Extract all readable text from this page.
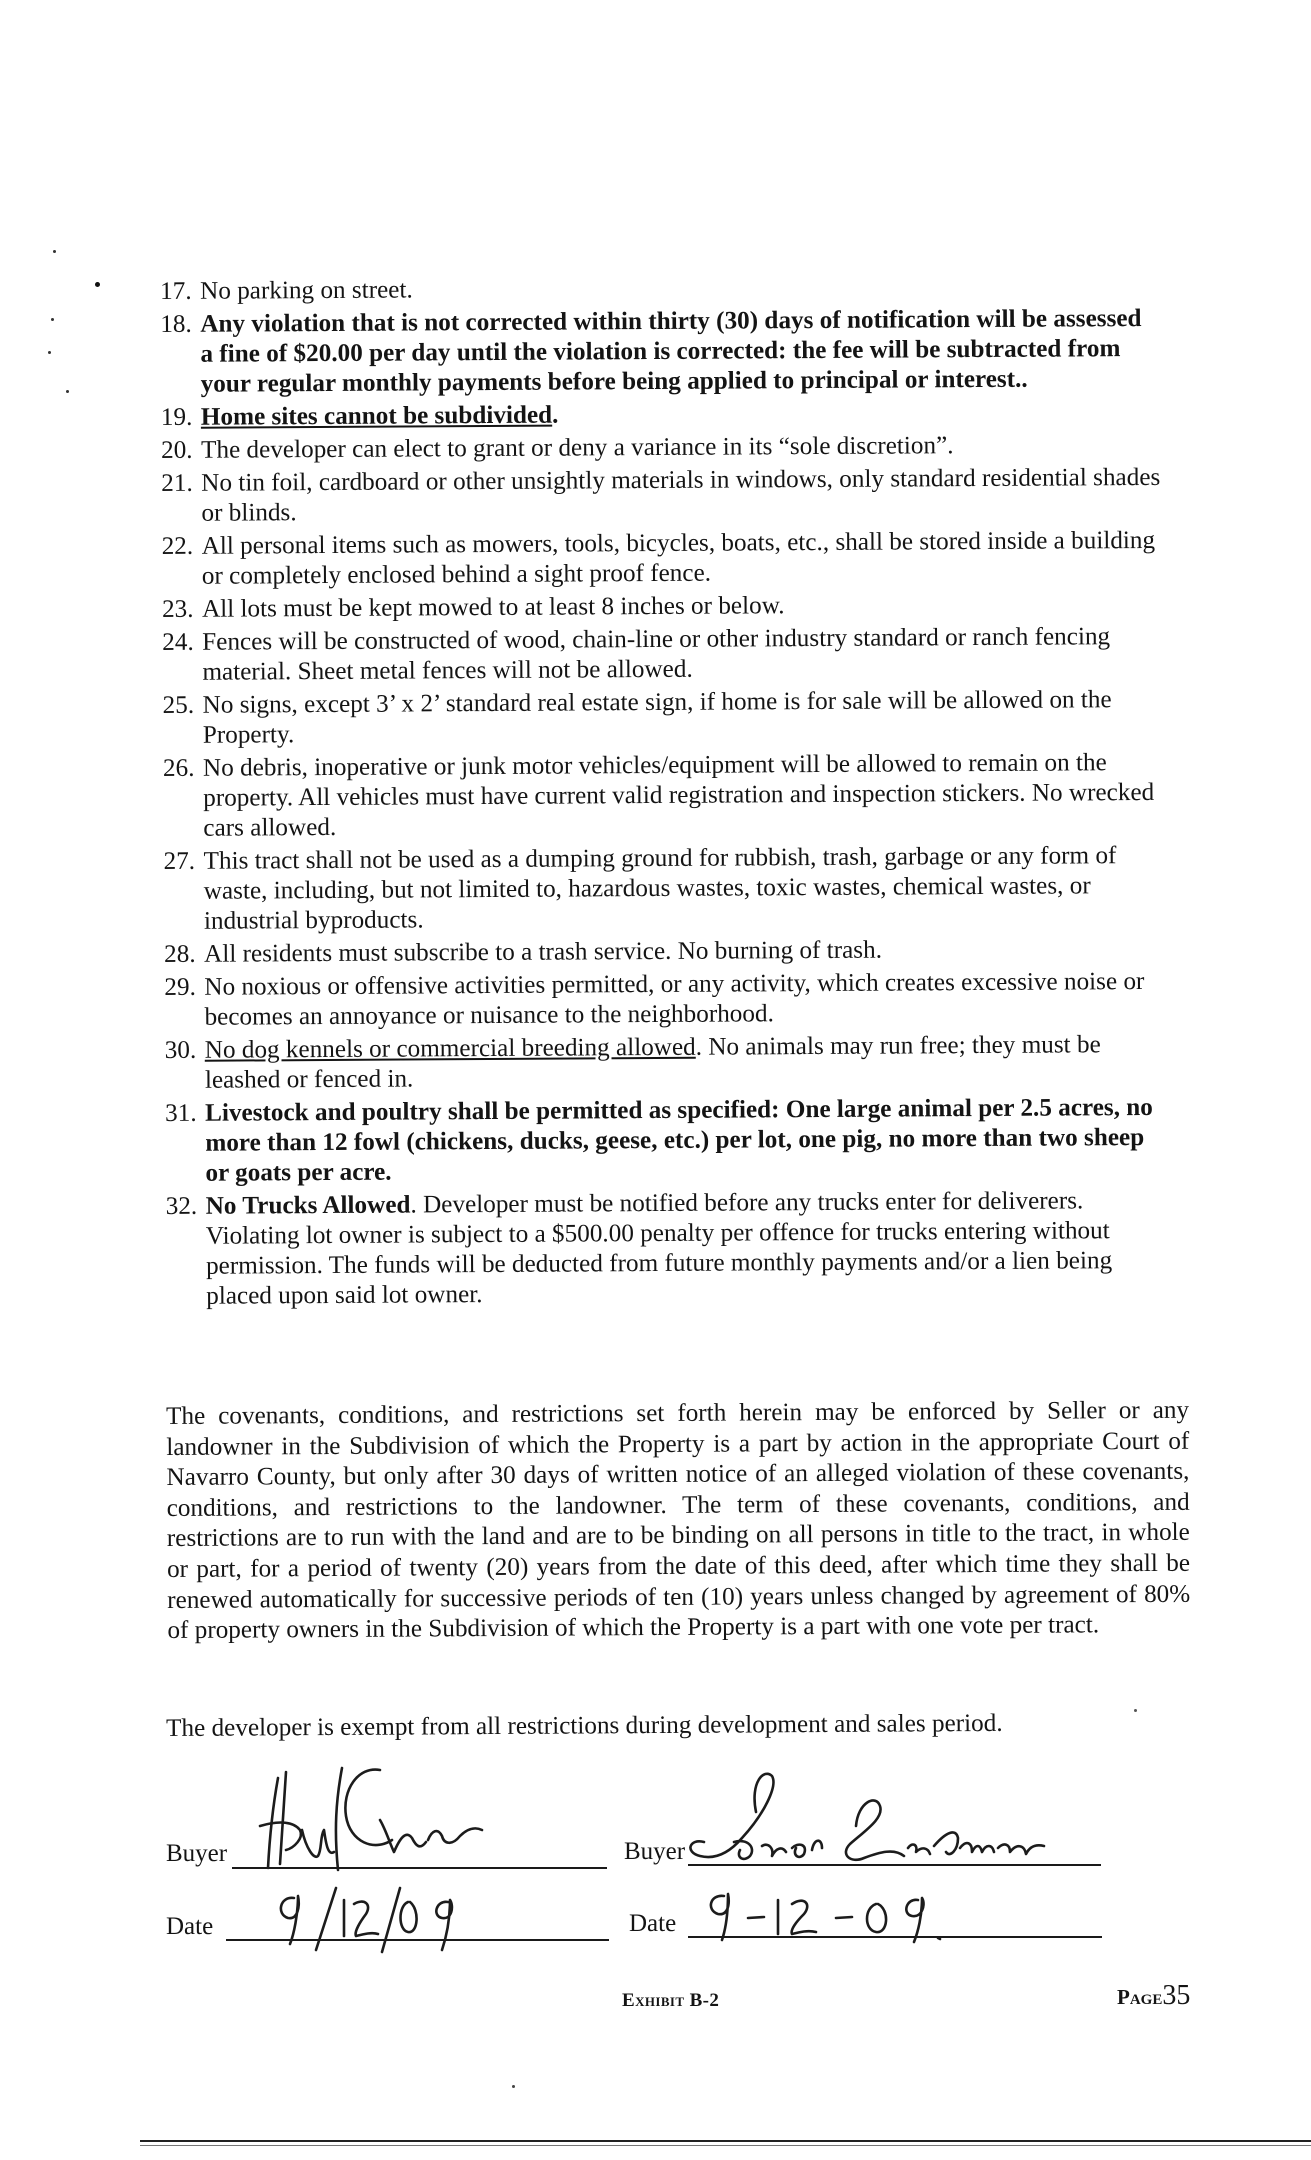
17. No parking on street.
18. Any violation that is not corrected within thirty (30) days of notification will be assessed a fine of $20.00 per day until the violation is corrected: the fee will be subtracted from your regular monthly payments before being applied to principal or interest..
19. Home sites cannot be subdivided.
20. The developer can elect to grant or deny a variance in its “sole discretion”.
21. No tin foil, cardboard or other unsightly materials in windows, only standard residential shades or blinds.
22. All personal items such as mowers, tools, bicycles, boats, etc., shall be stored inside a building or completely enclosed behind a sight proof fence.
23. All lots must be kept mowed to at least 8 inches or below.
24. Fences will be constructed of wood, chain-line or other industry standard or ranch fencing material. Sheet metal fences will not be allowed.
25. No signs, except 3’ x 2’ standard real estate sign, if home is for sale will be allowed on the Property.
26. No debris, inoperative or junk motor vehicles/equipment will be allowed to remain on the property. All vehicles must have current valid registration and inspection stickers. No wrecked cars allowed.
27. This tract shall not be used as a dumping ground for rubbish, trash, garbage or any form of waste, including, but not limited to, hazardous wastes, toxic wastes, chemical wastes, or industrial byproducts.
28. All residents must subscribe to a trash service. No burning of trash.
29. No noxious or offensive activities permitted, or any activity, which creates excessive noise or becomes an annoyance or nuisance to the neighborhood.
30. No dog kennels or commercial breeding allowed. No animals may run free; they must be leashed or fenced in.
31. Livestock and poultry shall be permitted as specified: One large animal per 2.5 acres, no more than 12 fowl (chickens, ducks, geese, etc.) per lot, one pig, no more than two sheep or goats per acre.
32. No Trucks Allowed. Developer must be notified before any trucks enter for deliverers. Violating lot owner is subject to a $500.00 penalty per offence for trucks entering without permission. The funds will be deducted from future monthly payments and/or a lien being placed upon said lot owner.

The covenants, conditions, and restrictions set forth herein may be enforced by Seller or any landowner in the Subdivision of which the Property is a part by action in the appropriate Court of Navarro County, but only after 30 days of written notice of an alleged violation of these covenants, conditions, and restrictions to the landowner. The term of these covenants, conditions, and restrictions are to run with the land and are to be binding on all persons in title to the tract, in whole or part, for a period of twenty (20) years from the date of this deed, after which time they shall be renewed automatically for successive periods of ten (10) years unless changed by agreement of 80% of property owners in the Subdivision of which the Property is a part with one vote per tract.

The developer is exempt from all restrictions during development and sales period.

Buyer
Date
Buyer
Date
Exhibit B-2	Page35
